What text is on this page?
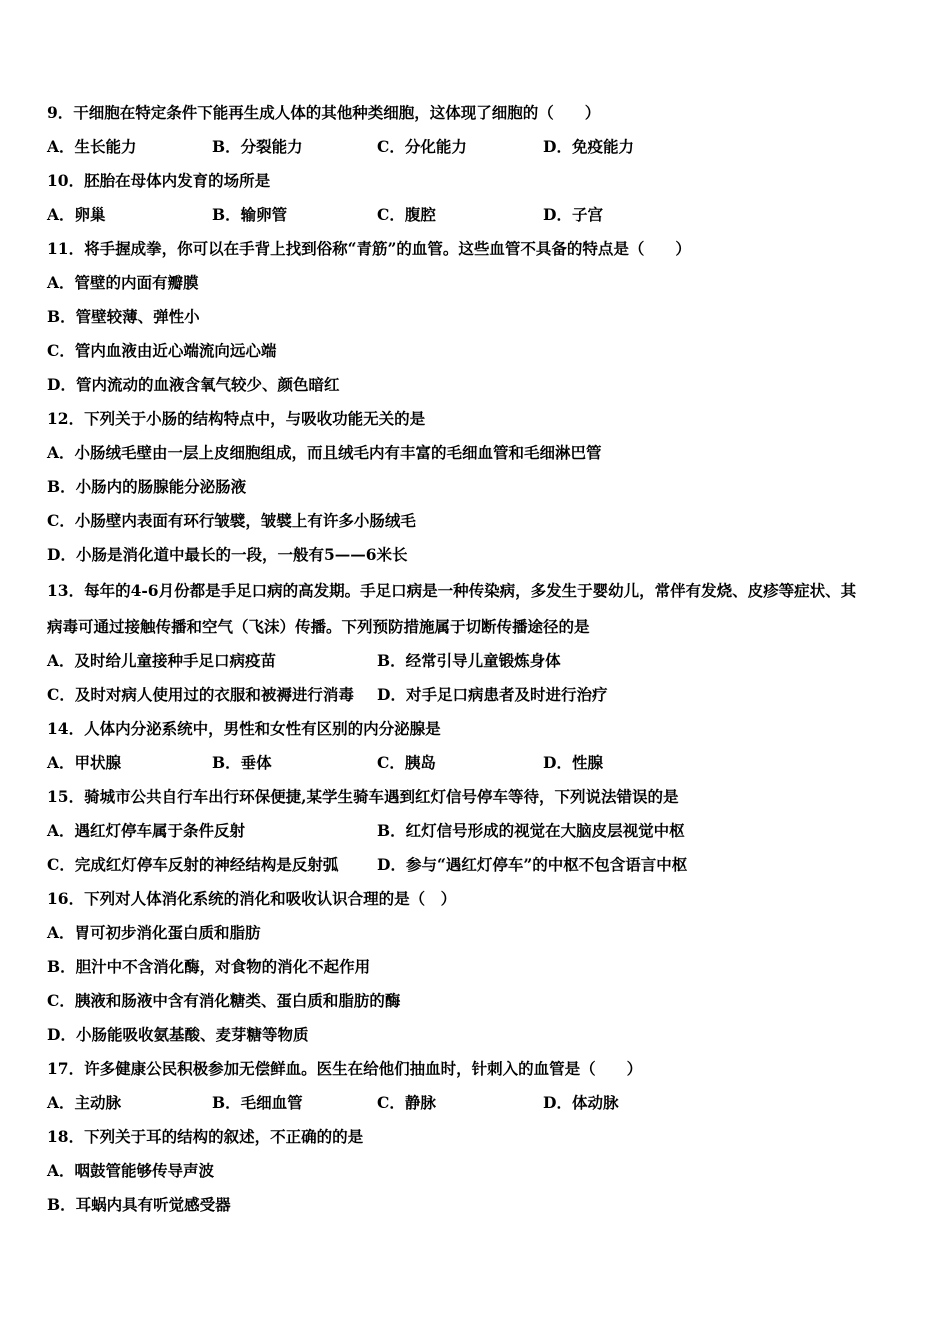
9．干细胞在特定条件下能再生成人体的其他种类细胞，这体现了细胞的（　　）
A．生长能力	B．分裂能力	C．分化能力	D．免疫能力
10．胚胎在母体内发育的场所是
A．卵巢	B．输卵管	C．腹腔	D．子宫
11．将手握成拳，你可以在手背上找到俗称“青筋”的血管。这些血管不具备的特点是（　　）
A．管壁的内面有瓣膜
B．管壁较薄、弹性小
C．管内血液由近心端流向远心端
D．管内流动的血液含氧气较少、颜色暗红
12．下列关于小肠的结构特点中，与吸收功能无关的是
A．小肠绒毛壁由一层上皮细胞组成，而且绒毛内有丰富的毛细血管和毛细淋巴管
B．小肠内的肠腺能分泌肠液
C．小肠壁内表面有环行皱襞，皱襞上有许多小肠绒毛
D．小肠是消化道中最长的一段，一般有5——6米长
13．每年的4-6月份都是手足口病的高发期。手足口病是一种传染病，多发生于婴幼儿，常伴有发烧、皮疹等症状、其
病毒可通过接触传播和空气（飞沫）传播。下列预防措施属于切断传播途径的是
A．及时给儿童接种手足口病疫苗	B．经常引导儿童锻炼身体
C．及时对病人使用过的衣服和被褥进行消毒 D．对手足口病患者及时进行治疗
14．人体内分泌系统中，男性和女性有区别的内分泌腺是
A．甲状腺	B．垂体	C．胰岛	D．性腺
15．骑城市公共自行车出行环保便捷,某学生骑车遇到红灯信号停车等待，下列说法错误的是
A．遇红灯停车属于条件反射	B．红灯信号形成的视觉在大脑皮层视觉中枢
C．完成红灯停车反射的神经结构是反射弧 D．参与“遇红灯停车”的中枢不包含语言中枢
16．下列对人体消化系统的消化和吸收认识合理的是（　）
A．胃可初步消化蛋白质和脂肪
B．胆汁中不含消化酶，对食物的消化不起作用
C．胰液和肠液中含有消化糖类、蛋白质和脂肪的酶
D．小肠能吸收氨基酸、麦芽糖等物质
17．许多健康公民积极参加无偿鲜血。医生在给他们抽血时，针刺入的血管是（　　）
A．主动脉	B．毛细血管	C．静脉	D．体动脉
18．下列关于耳的结构的叙述，不正确的的是
A．咽鼓管能够传导声波
B．耳蜗内具有听觉感受器
